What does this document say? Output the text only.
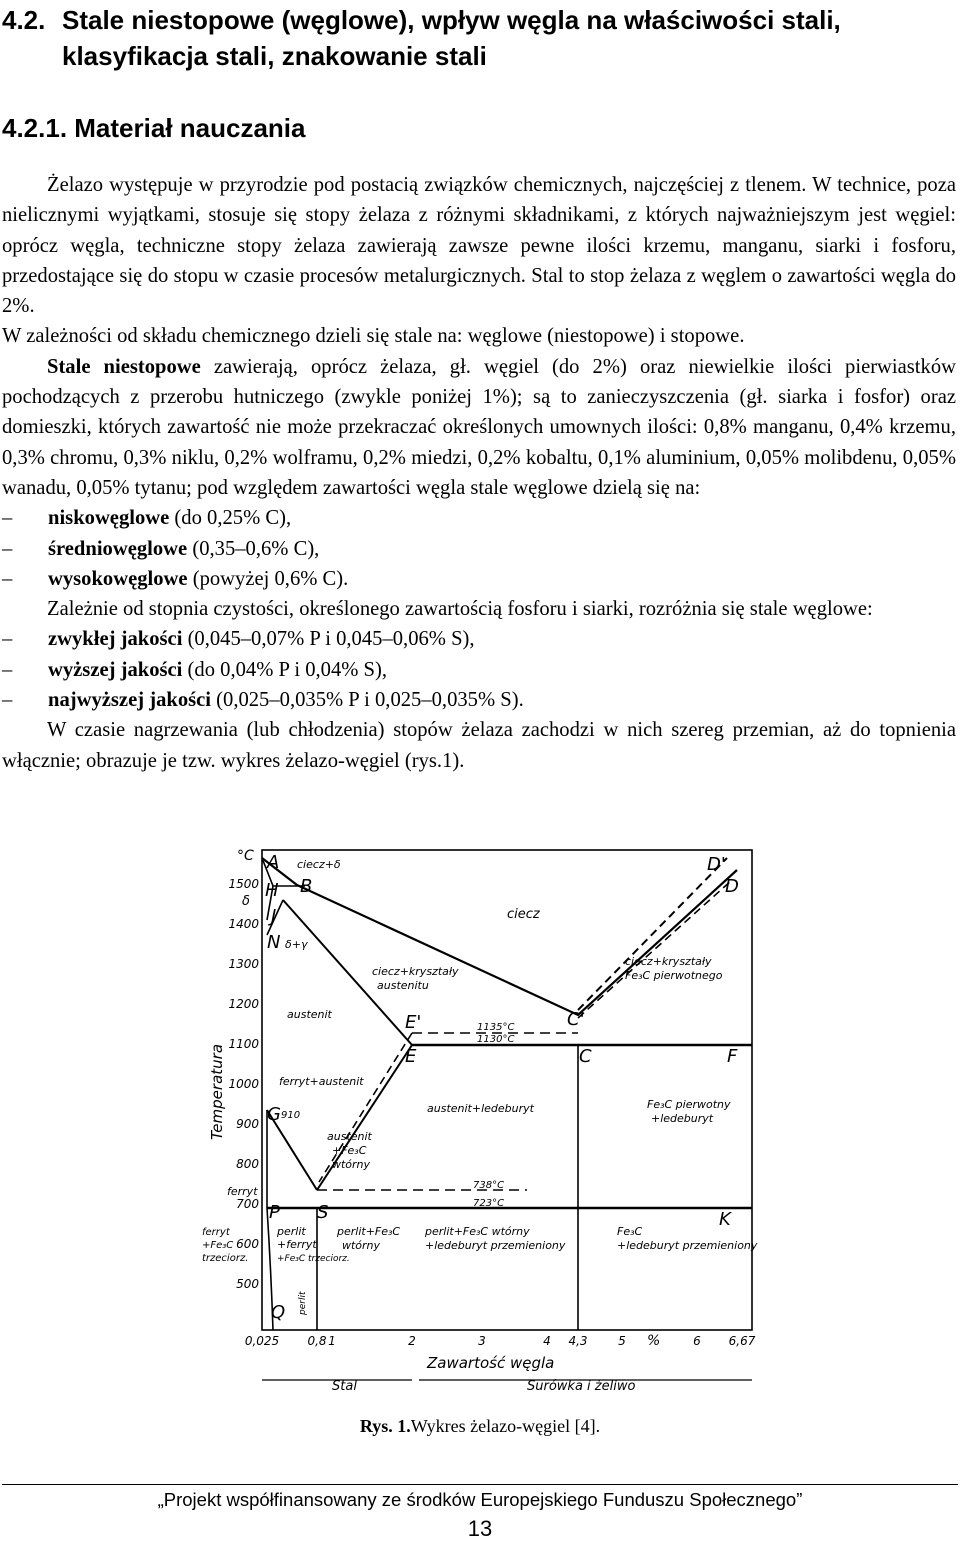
4.2. Stale niestopowe (węglowe), wpływ węgla na właściwości stali,
klasyfikacja stali, znakowanie stali
4.2.1. Materiał nauczania

Żelazo występuje w przyrodzie pod postacią związków chemicznych, najczęściej z tlenem. W technice, poza nielicznymi wyjątkami, stosuje się stopy żelaza z różnymi składnikami, z których najważniejszym jest węgiel: oprócz węgla, techniczne stopy żelaza zawierają zawsze pewne ilości krzemu, manganu, siarki i fosforu, przedostające się do stopu w czasie procesów metalurgicznych. Stal to stop żelaza z węglem o zawartości węgla do 2%.

W zależności od składu chemicznego dzieli się stale na: węglowe (niestopowe) i stopowe.

Stale niestopowe zawierają, oprócz żelaza, gł. węgiel (do 2%) oraz niewielkie ilości pierwiastków pochodzących z przerobu hutniczego (zwykle poniżej 1%); są to zanieczyszczenia (gł. siarka i fosfor) oraz domieszki, których zawartość nie może przekraczać określonych umownych ilości: 0,8% manganu, 0,4% krzemu, 0,3% chromu, 0,3% niklu, 0,2% wolframu, 0,2% miedzi, 0,2% kobaltu, 0,1% aluminium, 0,05% molibdenu, 0,05% wanadu, 0,05% tytanu; pod względem zawartości węgla stale węglowe dzielą się na:

–	niskowęglowe (do 0,25% C),
–	średniowęglowe (0,35–0,6% C),
–	wysokowęglowe (powyżej 0,6% C).

Zależnie od stopnia czystości, określonego zawartością fosforu i siarki, rozróżnia się stale węglowe:

–	zwykłej jakości (0,045–0,07% P i 0,045–0,06% S),
–	wyższej jakości (do 0,04% P i 0,04% S),
–	najwyższej jakości (0,025–0,035% P i 0,025–0,035% S).

W czasie nagrzewania (lub chłodzenia) stopów żelaza zachodzi w nich szereg przemian, aż do topnienia włącznie; obrazuje je tzw. wykres żelazo-węgiel (rys.1).

°C
1500
1400
1300
1200
1100
1000
900
800
700
600
500
δ
Temperatura
ferryt
ferryt
+Fe₃C
trzeciorz.
0,025 0,8 1	2	3	4 4,3	5	6 6,67
Zawartość węgla
%
Stal	Surówka i żeliwo
A
H B
J
N
G
S
P
Q
E
E'
C
C'
F
D
D'
K
ciecz+δ
ciecz
δ+γ
ciecz+kryształy
austenitu
ciecz+kryształy
Fe₃C pierwotnego
austenit
1135°C
1130°C
ferryt+austenit
910
austenit+ledeburyt	Fe₃C pierwotny
+ledeburyt
austenit
+Fe₃C
wtórny
738°C
723°C
perlit
+ferryt
+Fe₃C trzeciorz.
perlit+Fe₃C
wtórny
perlit+Fe₃C wtórny
+ledeburyt przemieniony
Fe₃C
+ledeburyt przemieniony
perlit
Rys. 1.Wykres żelazo-węgiel [4].
„Projekt współfinansowany ze środków Europejskiego Funduszu Społecznego”
13
